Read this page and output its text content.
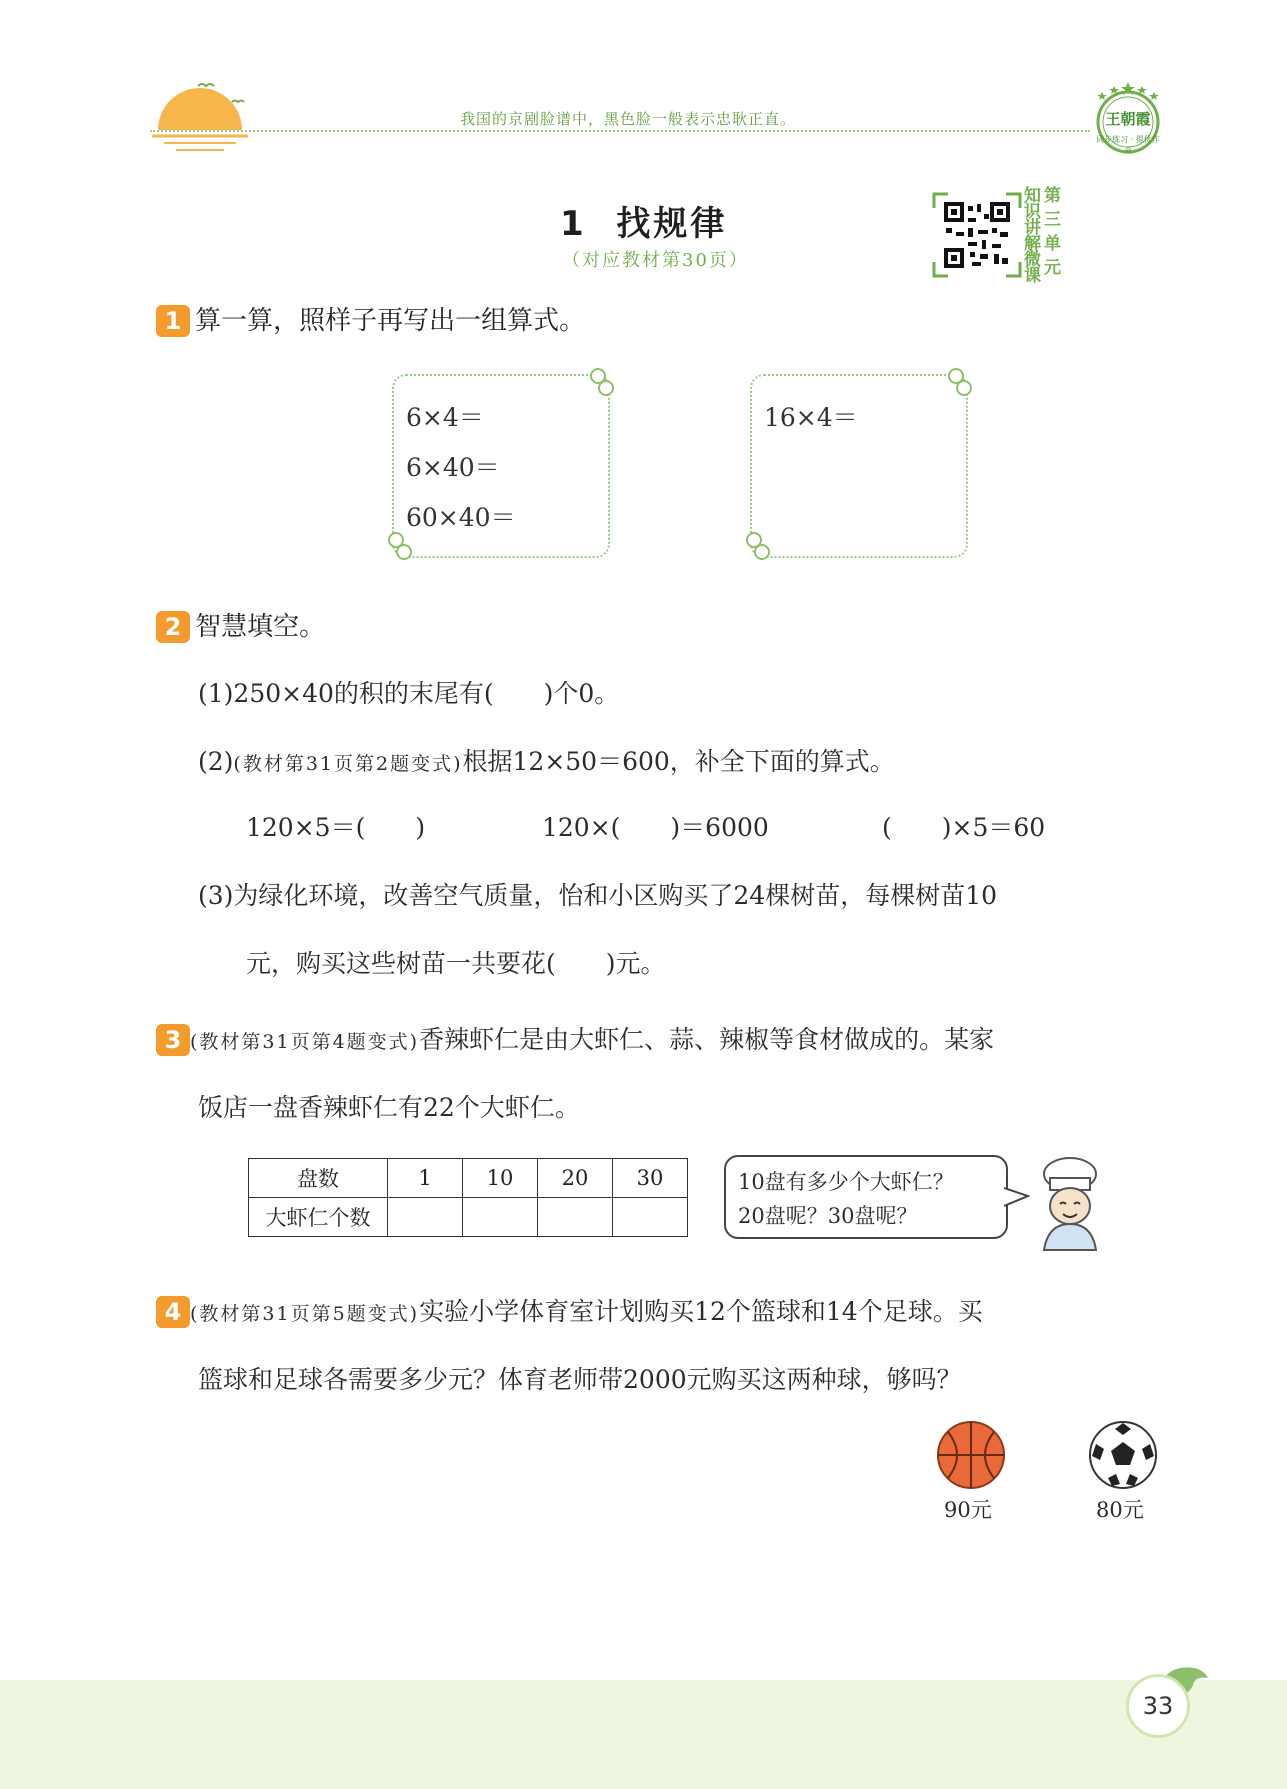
我国的京剧脸谱中，黑色脸一般表示忠耿正直。	王朝霞
同步练习 · 提优作业
1 找规律
（对应教材第30页）
知
识
讲
解
微
课
第
三
单
元
1 算一算，照样子再写出一组算式。
6×4＝
6×40＝
60×40＝
16×4＝
2 智慧填空。
(1)250×40的积的末尾有(　　)个0。
(2)(教材第31页第2题变式)根据12×50＝600，补全下面的算式。
120×5＝(　　)	120×(　　)＝6000	(　　)×5＝60
(3)为绿化环境，改善空气质量，怡和小区购买了24棵树苗，每棵树苗10
元，购买这些树苗一共要花(　　)元。
3 (教材第31页第4题变式)香辣虾仁是由大虾仁、蒜、辣椒等食材做成的。某家
饭店一盘香辣虾仁有22个大虾仁。
盘数	1	10	20	30
大虾仁个数				
10盘有多少个大虾仁？
20盘呢？30盘呢？
4 (教材第31页第5题变式)实验小学体育室计划购买12个篮球和14个足球。买
篮球和足球各需要多少元？体育老师带2000元购买这两种球，够吗？
90元	80元
33
